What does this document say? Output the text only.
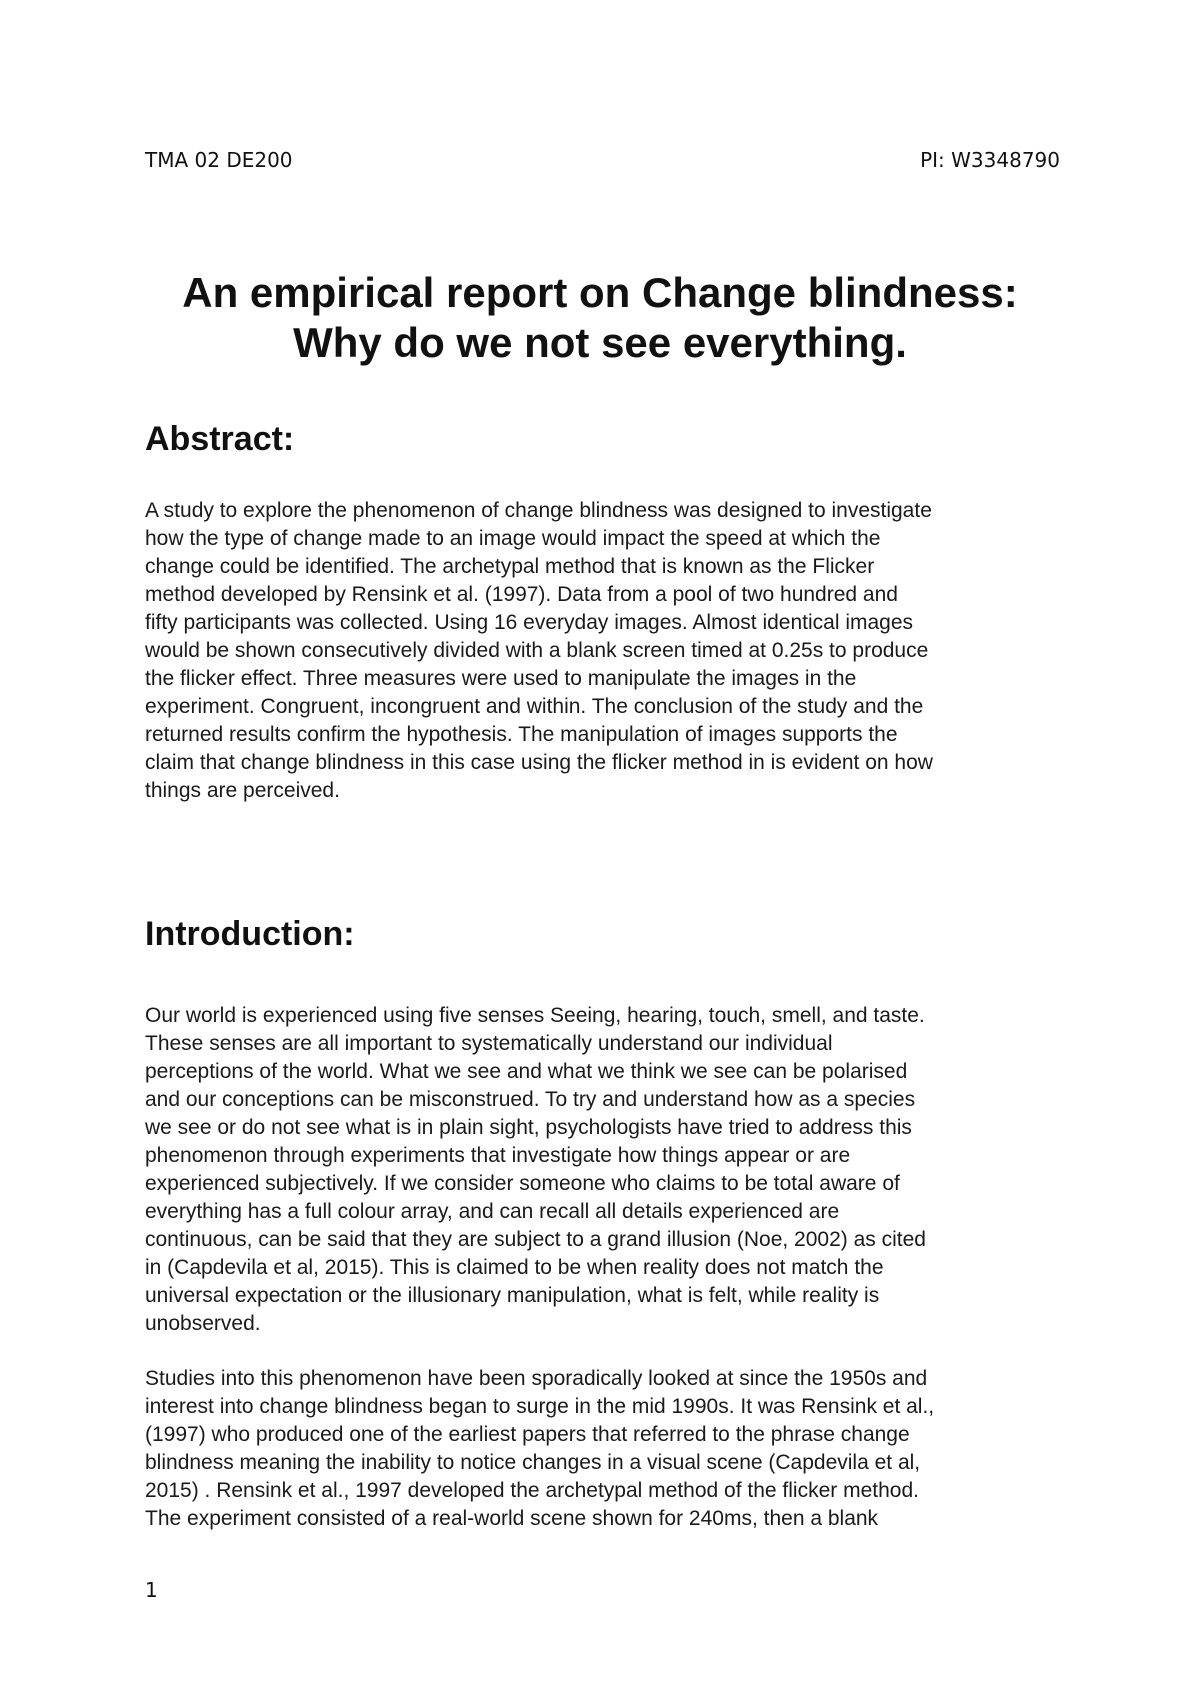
TMA 02 DE200	PI: W3348790
An empirical report on Change blindness:
Why do we not see everything.
Abstract:
A study to explore the phenomenon of change blindness was designed to investigate
how the type of change made to an image would impact the speed at which the
change could be identified. The archetypal method that is known as the Flicker
method developed by Rensink et al. (1997). Data from a pool of two hundred and
fifty participants was collected. Using 16 everyday images. Almost identical images
would be shown consecutively divided with a blank screen timed at 0.25s to produce
the flicker effect. Three measures were used to manipulate the images in the
experiment. Congruent, incongruent and within. The conclusion of the study and the
returned results confirm the hypothesis. The manipulation of images supports the
claim that change blindness in this case using the flicker method in is evident on how
things are perceived.
Introduction:
Our world is experienced using five senses Seeing, hearing, touch, smell, and taste.
These senses are all important to systematically understand our individual
perceptions of the world. What we see and what we think we see can be polarised
and our conceptions can be misconstrued. To try and understand how as a species
we see or do not see what is in plain sight, psychologists have tried to address this
phenomenon through experiments that investigate how things appear or are
experienced subjectively. If we consider someone who claims to be total aware of
everything has a full colour array, and can recall all details experienced are
continuous, can be said that they are subject to a grand illusion (Noe, 2002) as cited
in (Capdevila et al, 2015). This is claimed to be when reality does not match the
universal expectation or the illusionary manipulation, what is felt, while reality is
unobserved.
Studies into this phenomenon have been sporadically looked at since the 1950s and
interest into change blindness began to surge in the mid 1990s. It was Rensink et al.,
(1997) who produced one of the earliest papers that referred to the phrase change
blindness meaning the inability to notice changes in a visual scene (Capdevila et al,
2015) . Rensink et al., 1997 developed the archetypal method of the flicker method.
The experiment consisted of a real-world scene shown for 240ms, then a blank
1
